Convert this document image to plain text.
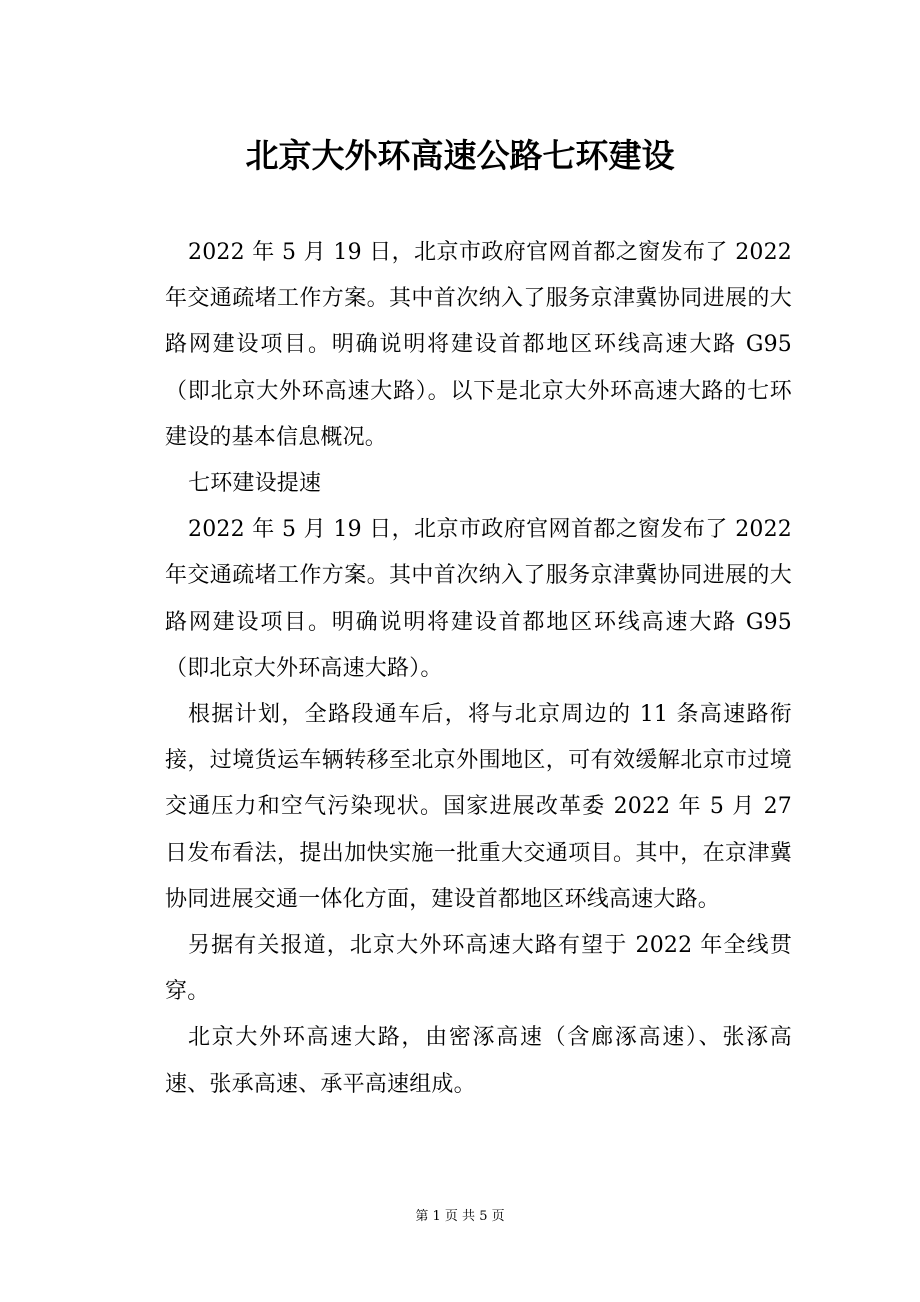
北京大外环高速公路七环建设

2022 年 5 月 19 日，北京市政府官网首都之窗发布了 2022 年交通疏堵工作方案。其中首次纳入了服务京津冀协同进展的大路网建设项目。明确说明将建设首都地区环线高速大路 G95（即北京大外环高速大路）。以下是北京大外环高速大路的七环建设的基本信息概况。

七环建设提速

2022 年 5 月 19 日，北京市政府官网首都之窗发布了 2022 年交通疏堵工作方案。其中首次纳入了服务京津冀协同进展的大路网建设项目。明确说明将建设首都地区环线高速大路 G95（即北京大外环高速大路）。

根据计划，全路段通车后，将与北京周边的 11 条高速路衔接，过境货运车辆转移至北京外围地区，可有效缓解北京市过境交通压力和空气污染现状。国家进展改革委 2022 年 5 月 27 日发布看法，提出加快实施一批重大交通项目。其中，在京津冀协同进展交通一体化方面，建设首都地区环线高速大路。

另据有关报道，北京大外环高速大路有望于 2022 年全线贯穿。

北京大外环高速大路，由密涿高速（含廊涿高速）、张涿高速、张承高速、承平高速组成。

第 1 页 共 5 页
